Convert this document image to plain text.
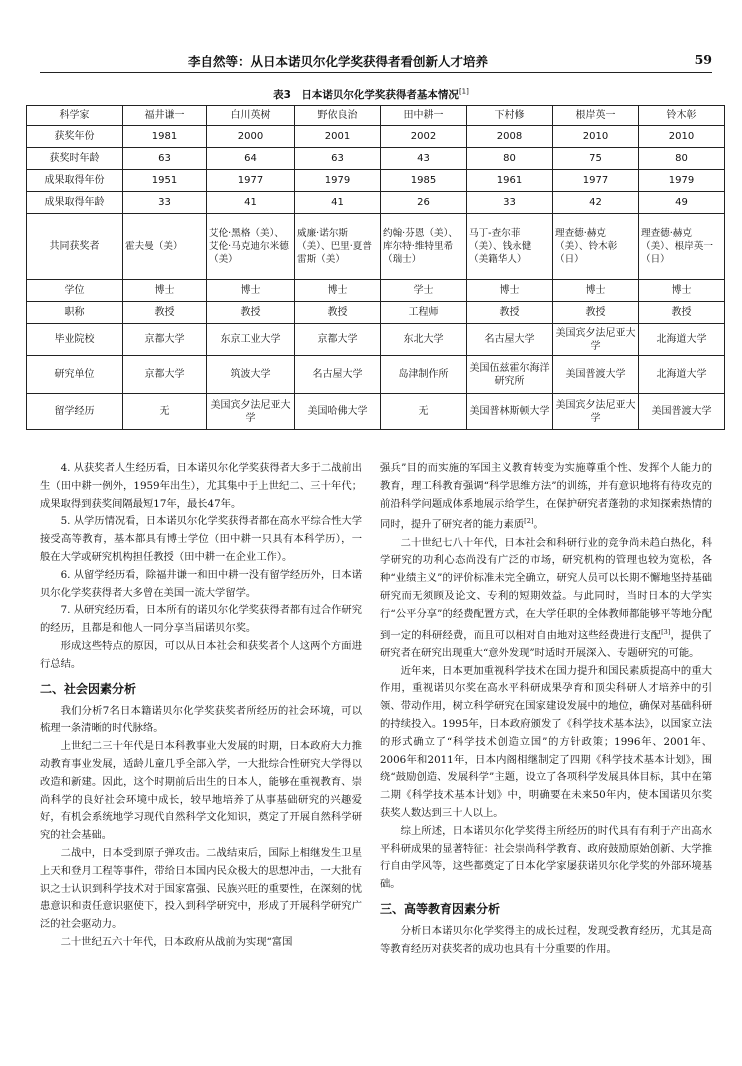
李自然等：从日本诺贝尔化学奖获得者看创新人才培养	59
表3　日本诺贝尔化学奖获得者基本情况[1]
科学家	福井谦一	白川英树	野依良治	田中耕一	下村修	根岸英一	铃木彰
获奖年份	1981	2000	2001	2002	2008	2010	2010
获奖时年龄	63	64	63	43	80	75	80
成果取得年份	1951	1977	1979	1985	1961	1977	1979
成果取得年龄	33	41	41	26	33	42	49
共同获奖者	霍夫曼（美）	艾伦·黑格（美）、艾伦·马克迪尔米德（美）	威廉·诺尔斯（美）、巴里·夏普雷斯（美）	约翰·芬恩（美）、库尔特·维特里希（瑞士）	马丁-查尔菲（美）、钱永健（美籍华人）	理查德·赫克（美）、铃木彰（日）	理查德·赫克（美）、根岸英一（日）
学位	博士	博士	博士	学士	博士	博士	博士
职称	教授	教授	教授	工程师	教授	教授	教授
毕业院校	京都大学	东京工业大学	京都大学	东北大学	名古屋大学	美国宾夕法尼亚大学	北海道大学
研究单位	京都大学	筑波大学	名古屋大学	岛津制作所	美国伍兹霍尔海洋研究所	美国普渡大学	北海道大学
留学经历	无	美国宾夕法尼亚大学	美国哈佛大学	无	美国普林斯顿大学	美国宾夕法尼亚大学	美国普渡大学

4. 从获奖者人生经历看，日本诺贝尔化学奖获得者大多于二战前出生（田中耕一例外，1959年出生），尤其集中于上世纪二、三十年代；成果取得到获奖间隔最短17年，最长47年。

5. 从学历情况看，日本诺贝尔化学奖获得者都在高水平综合性大学接受高等教育，基本都具有博士学位（田中耕一只具有本科学历），一般在大学或研究机构担任教授（田中耕一在企业工作）。

6. 从留学经历看，除福井谦一和田中耕一没有留学经历外，日本诺贝尔化学奖获得者大多曾在美国一流大学留学。

7. 从研究经历看，日本所有的诺贝尔化学奖获得者都有过合作研究的经历，且都是和他人一同分享当届诺贝尔奖。

形成这些特点的原因，可以从日本社会和获奖者个人这两个方面进行总结。

二、社会因素分析

我们分析7名日本籍诺贝尔化学奖获奖者所经历的社会环境，可以梳理一条清晰的时代脉络。

上世纪二三十年代是日本科教事业大发展的时期，日本政府大力推动教育事业发展，适龄儿童几乎全部入学，一大批综合性研究大学得以改造和新建。因此，这个时期前后出生的日本人，能够在重视教育、崇尚科学的良好社会环境中成长，较早地培养了从事基础研究的兴趣爱好，有机会系统地学习现代自然科学文化知识，奠定了开展自然科学研究的社会基础。

二战中，日本受到原子弹攻击。二战结束后，国际上相继发生卫星上天和登月工程等事件，带给日本国内民众极大的思想冲击，一大批有识之士认识到科学技术对于国家富强、民族兴旺的重要性，在深刻的忧患意识和责任意识驱使下，投入到科学研究中，形成了开展科学研究广泛的社会驱动力。

二十世纪五六十年代，日本政府从战前为实现“富国

强兵”目的而实施的军国主义教育转变为实施尊重个性、发挥个人能力的教育，理工科教育强调“科学思维方法”的训练，并有意识地将有待攻克的前沿科学问题成体系地展示给学生，在保护研究者蓬勃的求知探索热情的同时，提升了研究者的能力素质[2]。

二十世纪七八十年代，日本社会和科研行业的竞争尚未趋白热化，科学研究的功利心态尚没有广泛的市场，研究机构的管理也较为宽松，各种“业绩主义”的评价标准未完全确立，研究人员可以长期不懈地坚持基础研究而无须顾及论文、专利的短期效益。与此同时，当时日本的大学实行“公平分享”的经费配置方式，在大学任职的全体教师都能够平等地分配到一定的科研经费，而且可以相对自由地对这些经费进行支配[3]，提供了研究者在研究出现重大“意外发现”时适时开展深入、专题研究的可能。

近年来，日本更加重视科学技术在国力提升和国民素质提高中的重大作用，重视诺贝尔奖在高水平科研成果孕育和顶尖科研人才培养中的引领、带动作用，树立科学研究在国家建设发展中的地位，确保对基础科研的持续投入。1995年，日本政府颁发了《科学技术基本法》，以国家立法的形式确立了“科学技术创造立国”的方针政策；1996年、2001年、2006年和2011年，日本内阁相继制定了四期《科学技术基本计划》，围绕“鼓励创造、发展科学”主题，设立了各项科学发展具体目标，其中在第二期《科学技术基本计划》中，明确要在未来50年内，使本国诺贝尔奖获奖人数达到三十人以上。

综上所述，日本诺贝尔化学奖得主所经历的时代具有有利于产出高水平科研成果的显著特征：社会崇尚科学教育、政府鼓励原始创新、大学推行自由学风等，这些都奠定了日本化学家屡获诺贝尔化学奖的外部环境基础。

三、高等教育因素分析

分析日本诺贝尔化学奖得主的成长过程，发现受教育经历，尤其是高等教育经历对获奖者的成功也具有十分重要的作用。
